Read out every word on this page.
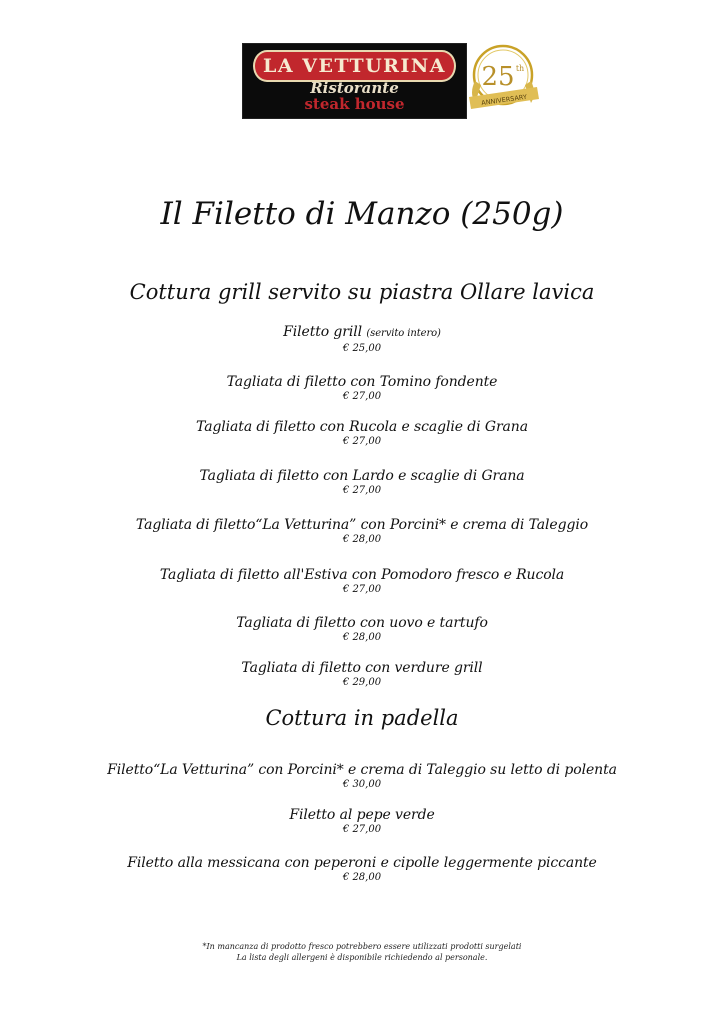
LA VETTURINA
Ristorante
steak house
25 th
ANNIVERSARY
Il Filetto di Manzo (250g)
Cottura grill servito su piastra Ollare lavica
Filetto grill (servito intero)
€ 25,00
Tagliata di filetto con Tomino fondente
€ 27,00
Tagliata di filetto con Rucola e scaglie di Grana
€ 27,00
Tagliata di filetto con Lardo e scaglie di Grana
€ 27,00
Tagliata di filetto“La Vetturina” con Porcini* e crema di Taleggio
€ 28,00
Tagliata di filetto all'Estiva con Pomodoro fresco e Rucola
€ 27,00
Tagliata di filetto con uovo e tartufo
€ 28,00
Tagliata di filetto con verdure grill
€ 29,00
Cottura in padella
Filetto“La Vetturina” con Porcini* e crema di Taleggio su letto di polenta
€ 30,00
Filetto al pepe verde
€ 27,00
Filetto alla messicana con peperoni e cipolle leggermente piccante
€ 28,00
*In mancanza di prodotto fresco potrebbero essere utilizzati prodotti surgelati
La lista degli allergeni è disponibile richiedendo al personale.
